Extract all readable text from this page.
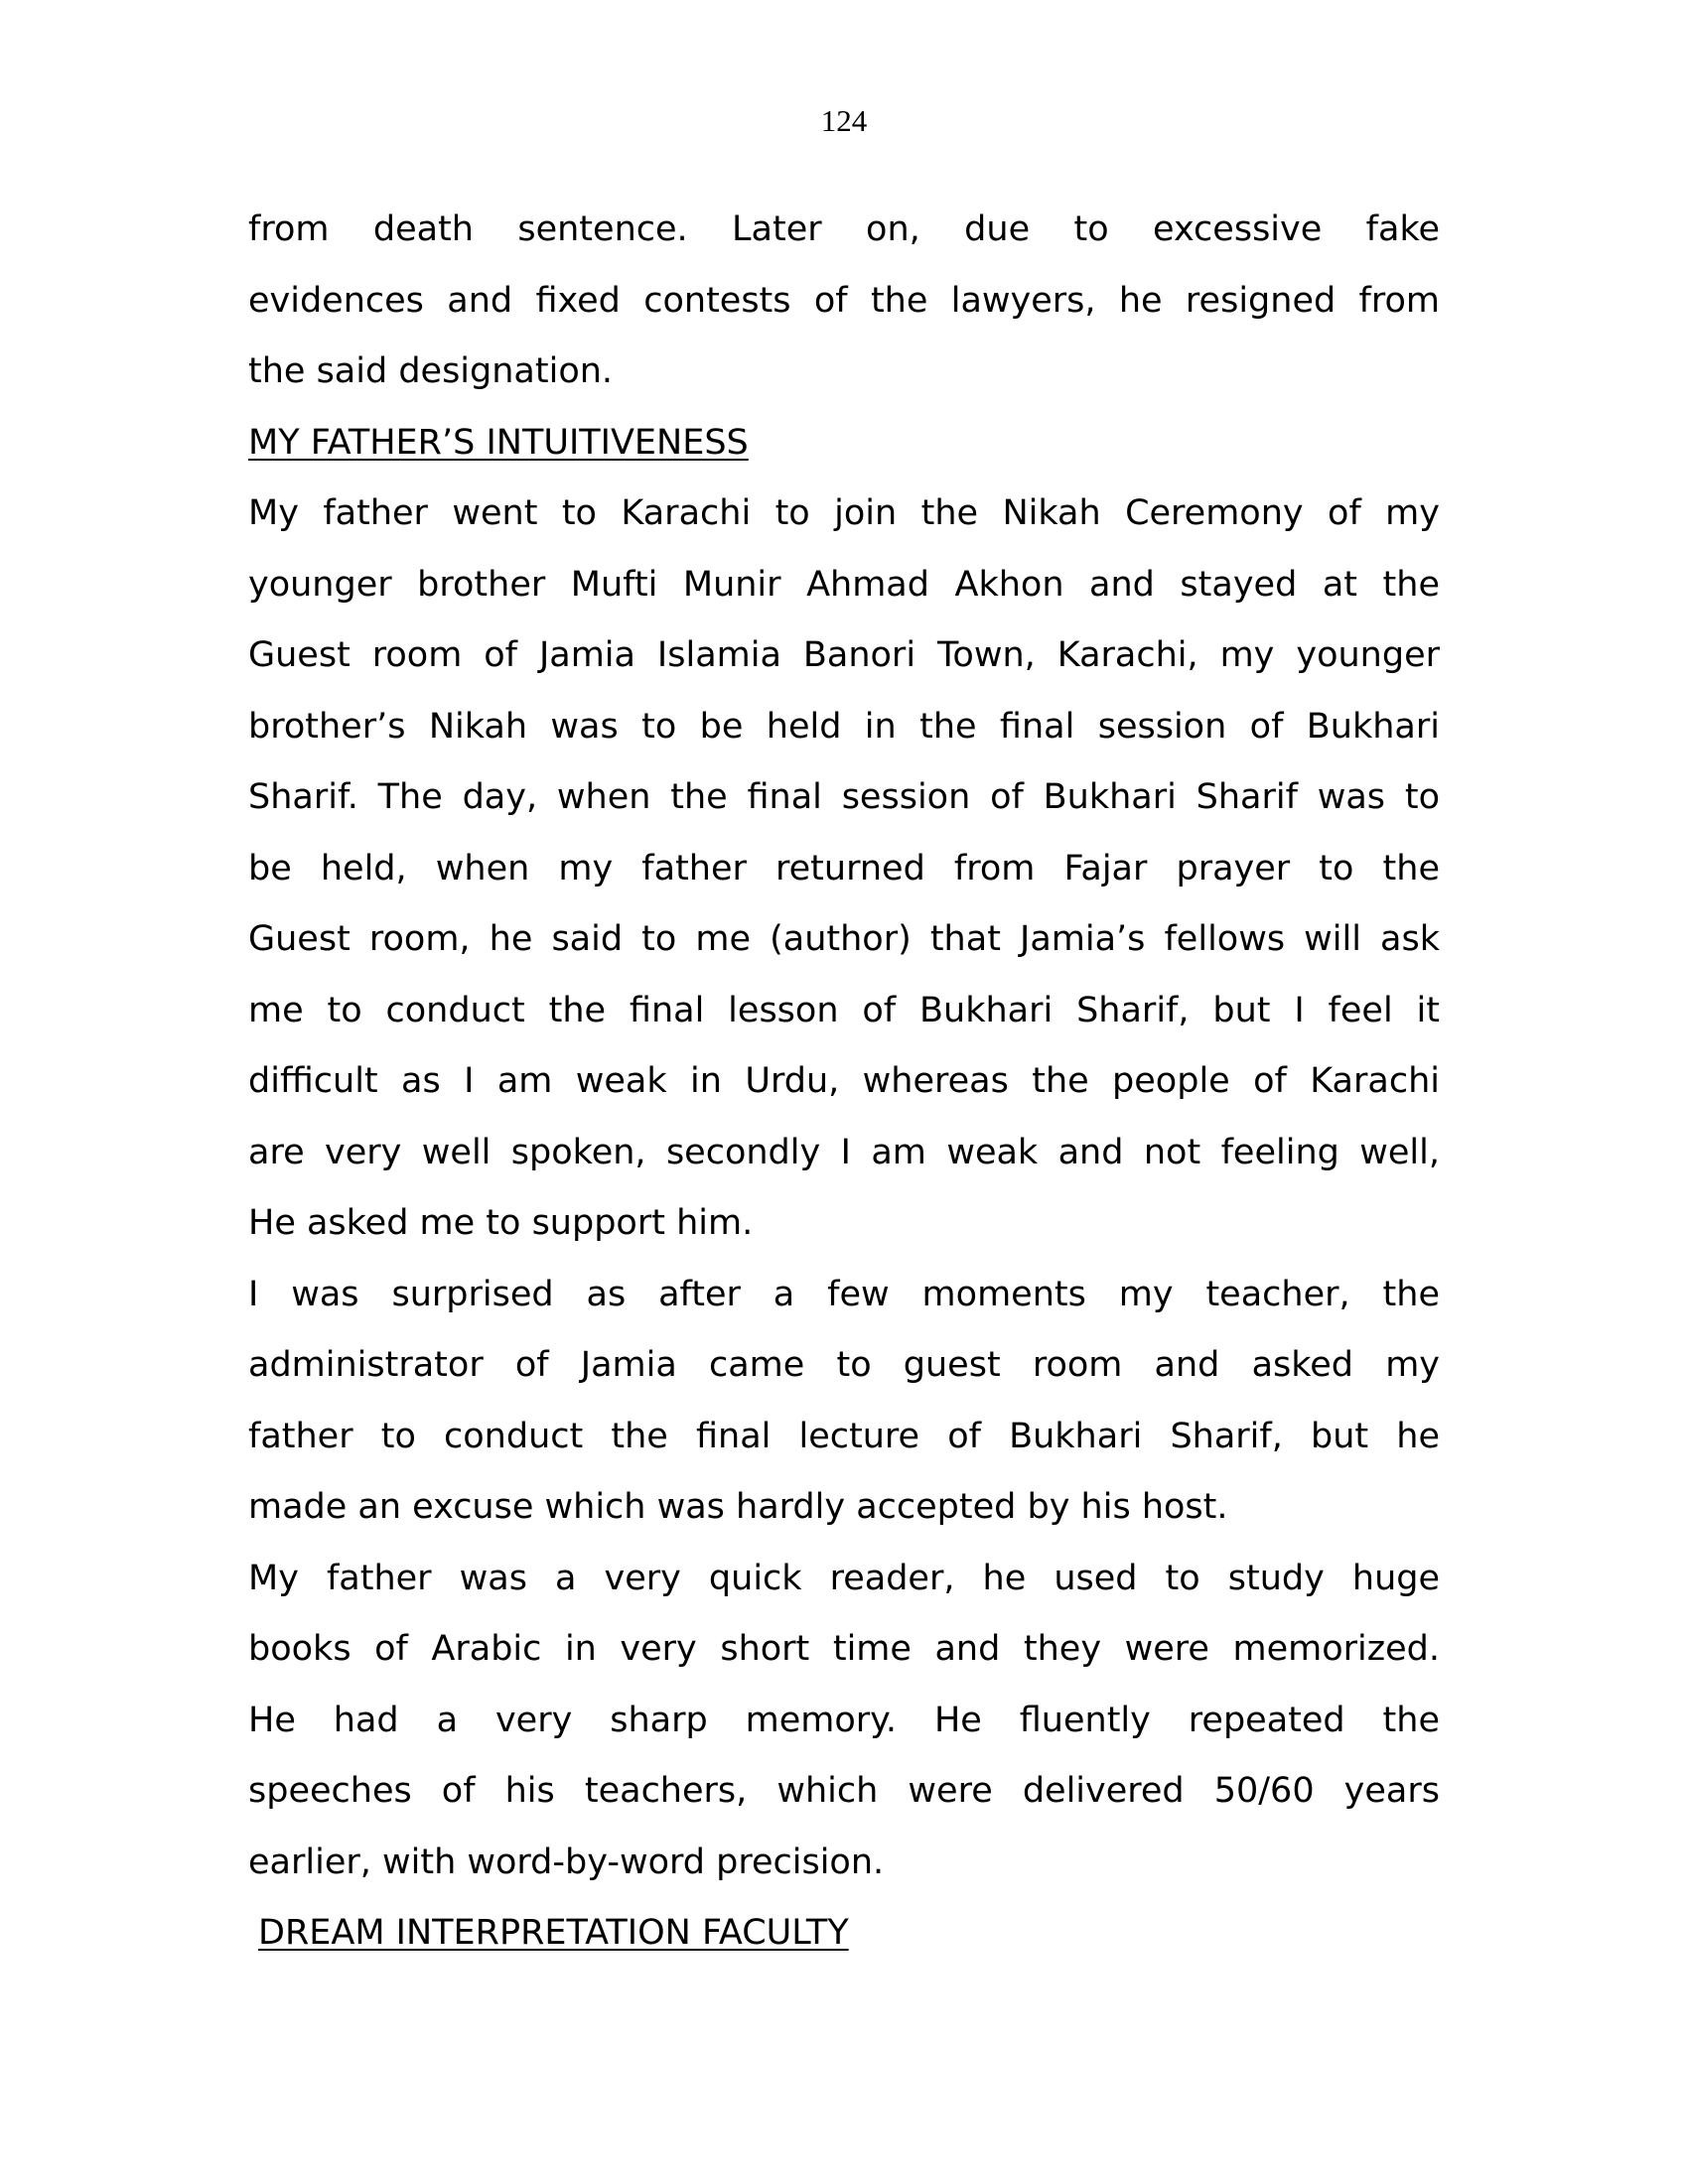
124
from death sentence. Later on, due to excessive fake
evidences and fixed contests of the lawyers, he resigned from
the said designation.
MY FATHER’S INTUITIVENESS
My father went to Karachi to join the Nikah Ceremony of my
younger brother Mufti Munir Ahmad Akhon and stayed at the
Guest room of Jamia Islamia Banori Town, Karachi, my younger
brother’s Nikah was to be held in the final session of Bukhari
Sharif. The day, when the final session of Bukhari Sharif was to
be held, when my father returned from Fajar prayer to the
Guest room, he said to me (author) that Jamia’s fellows will ask
me to conduct the final lesson of Bukhari Sharif, but I feel it
difficult as I am weak in Urdu, whereas the people of Karachi
are very well spoken, secondly I am weak and not feeling well,
He asked me to support him.
I was surprised as after a few moments my teacher, the
administrator of Jamia came to guest room and asked my
father to conduct the final lecture of Bukhari Sharif, but he
made an excuse which was hardly accepted by his host.
My father was a very quick reader, he used to study huge
books of Arabic in very short time and they were memorized.
He had a very sharp memory. He fluently repeated the
speeches of his teachers, which were delivered 50/60 years
earlier, with word-by-word precision.
DREAM INTERPRETATION FACULTY
